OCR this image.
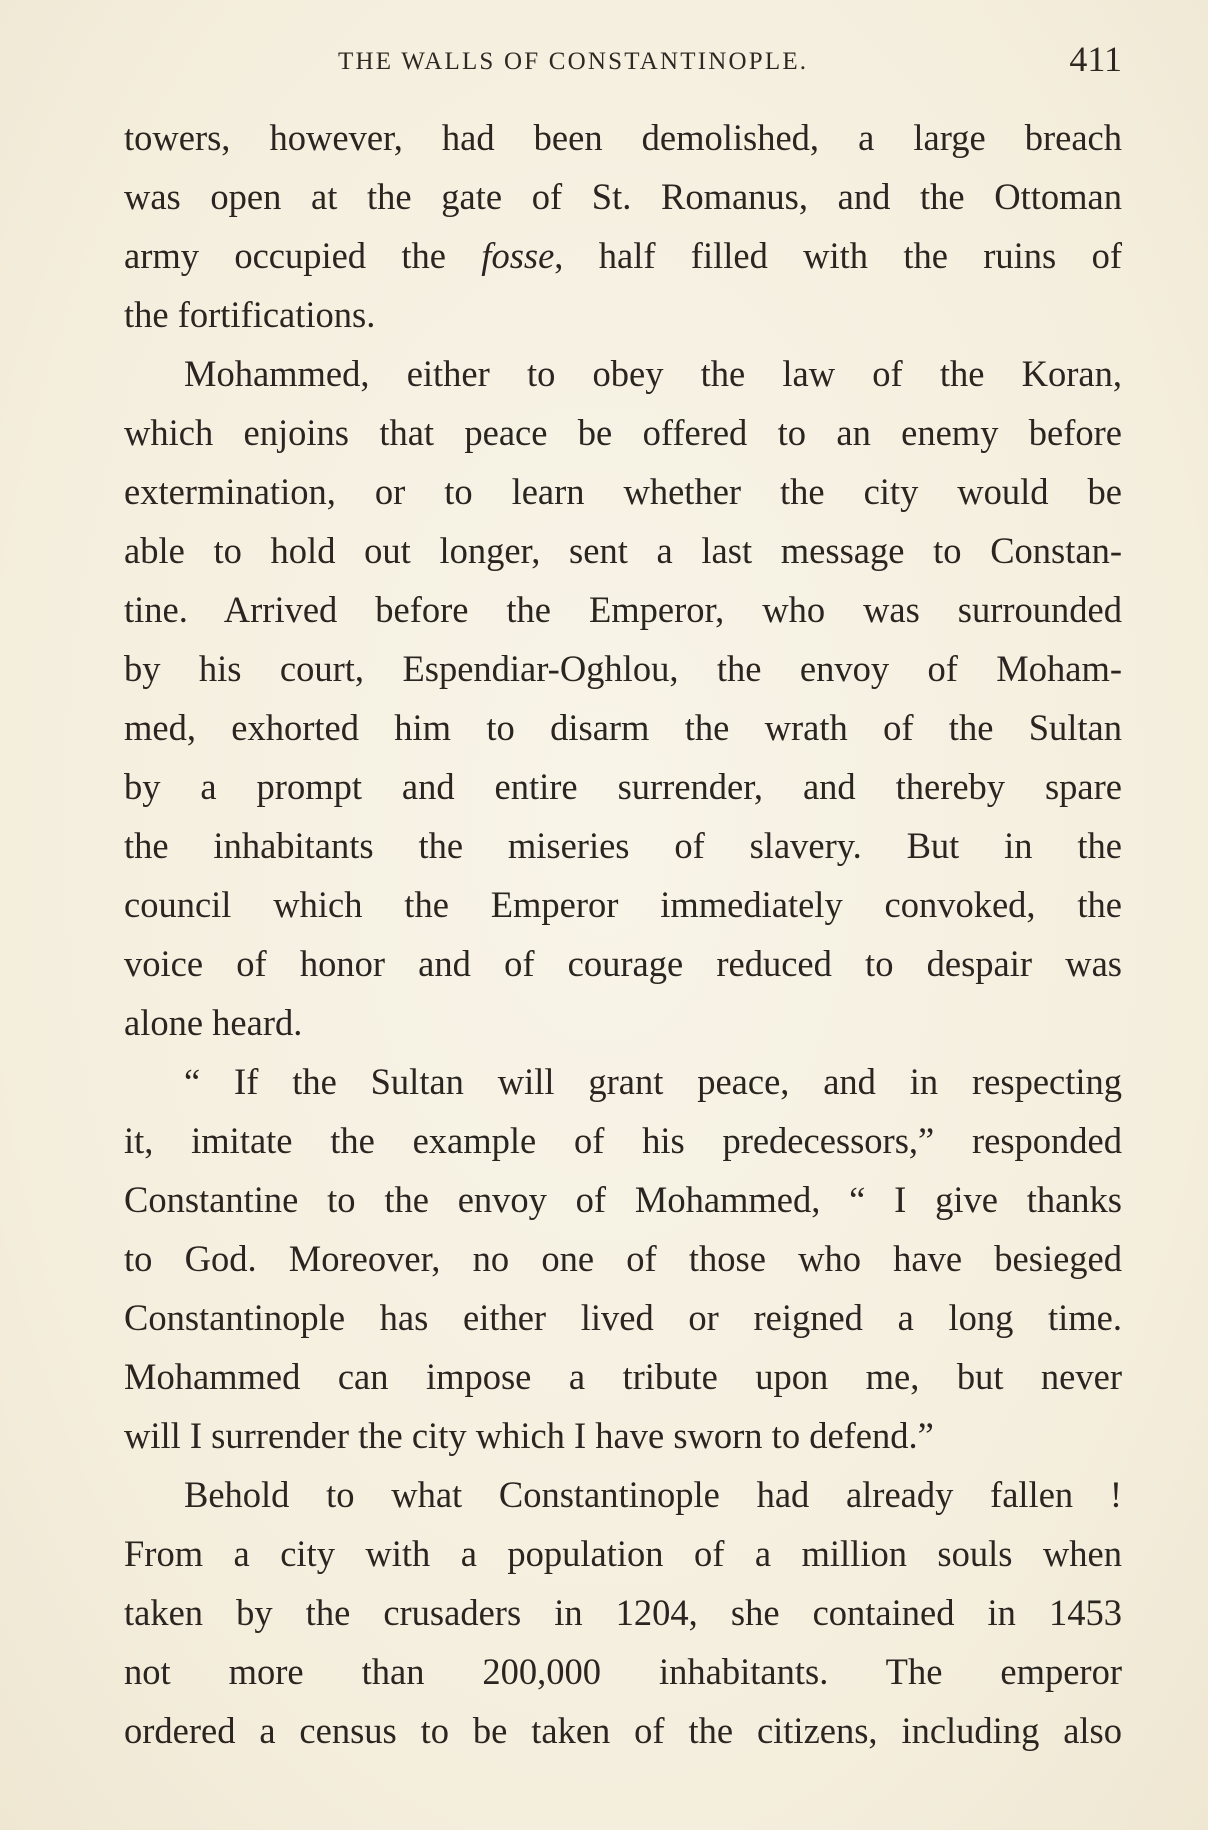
THE WALLS OF CONSTANTINOPLE.	411
towers, however, had been demolished, a large breach
was open at the gate of St. Romanus, and the Ottoman
army occupied the fosse, half filled with the ruins of
the fortifications.
Mohammed, either to obey the law of the Koran,
which enjoins that peace be offered to an enemy before
extermination, or to learn whether the city would be
able to hold out longer, sent a last message to Constan-
tine. Arrived before the Emperor, who was surrounded
by his court, Espendiar-Oghlou, the envoy of Moham-
med, exhorted him to disarm the wrath of the Sultan
by a prompt and entire surrender, and thereby spare
the inhabitants the miseries of slavery. But in the
council which the Emperor immediately convoked, the
voice of honor and of courage reduced to despair was
alone heard.
“ If the Sultan will grant peace, and in respecting
it, imitate the example of his predecessors,” responded
Constantine to the envoy of Mohammed, “ I give thanks
to God. Moreover, no one of those who have besieged
Constantinople has either lived or reigned a long time.
Mohammed can impose a tribute upon me, but never
will I surrender the city which I have sworn to defend.”
Behold to what Constantinople had already fallen !
From a city with a population of a million souls when
taken by the crusaders in 1204, she contained in 1453
not more than 200,000 inhabitants. The emperor
ordered a census to be taken of the citizens, including also
